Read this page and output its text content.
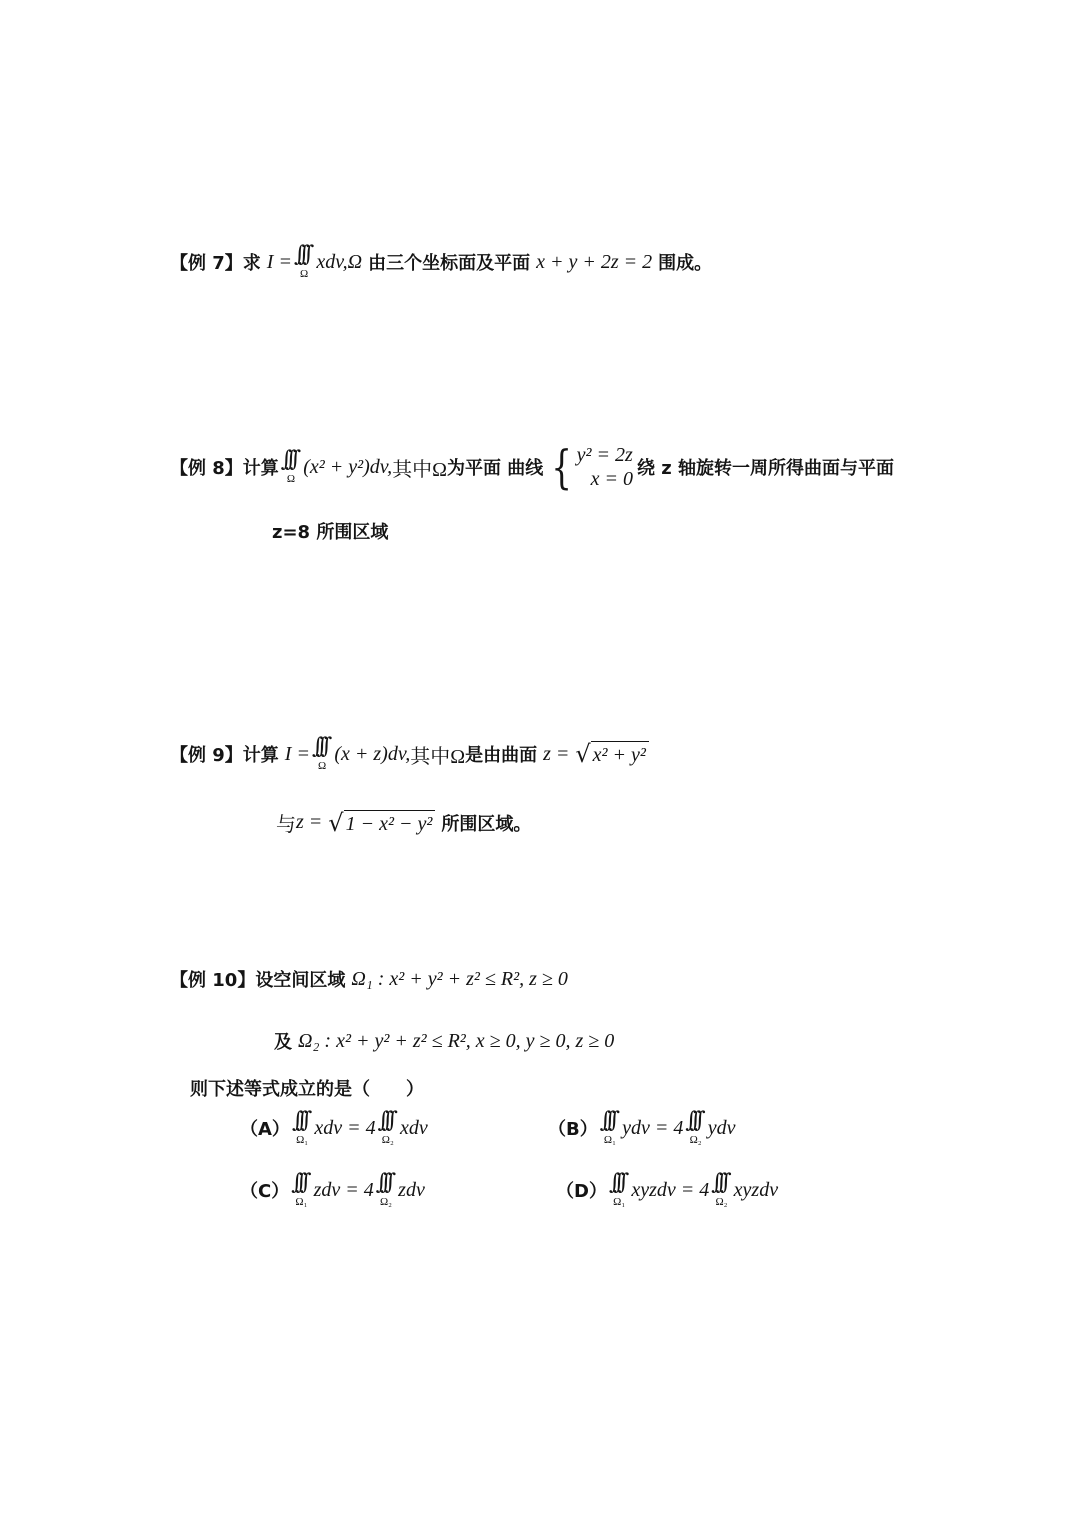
【例 7】 求 I = ∫∫∫
Ω
xdv,Ω 由三个坐标面及平面 x + y + 2z = 2 围成。
【例 8】 计算 ∫∫∫
Ω
(x² + y²)dv, 其中Ω 为平面 曲线 { y² = 2z
x = 0 绕 z 轴旋转一周所得曲面与平面
z=8 所围区域
【例 9】 计算 I = ∫∫∫
Ω
(x + z)dv, 其中Ω 是由曲面 z = √ x² + y²
与 z = √ 1 − x² − y² 所围区域。
【例 10】 设空间区域 Ω₁ : x² + y² + z² ≤ R², z ≥ 0
及 Ω₂ : x² + y² + z² ≤ R², x ≥ 0, y ≥ 0, z ≥ 0
则下述等式成立的是（　　）
（A） ∫∫∫
Ω₁
xdv = 4 ∫∫∫
Ω₂
xdv	（B） ∫∫∫
Ω₁
ydv = 4 ∫∫∫
Ω₂
ydv
（C） ∫∫∫
Ω₁
zdv = 4 ∫∫∫
Ω₂
zdv	（D） ∫∫∫
Ω₁
xyzdv = 4 ∫∫∫
Ω₂
xyzdv
